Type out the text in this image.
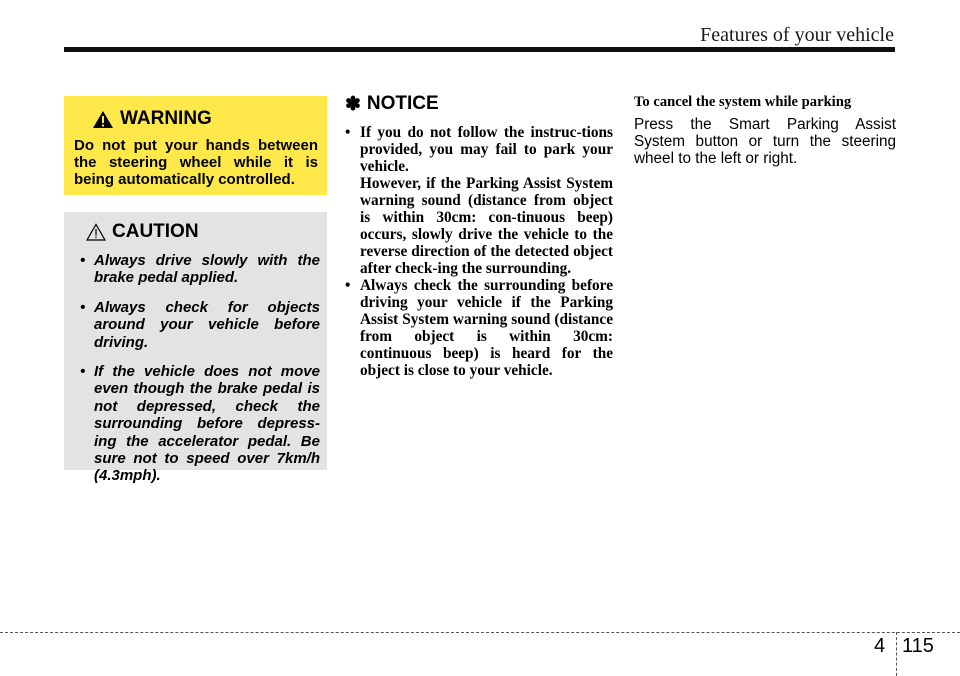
Features of your vehicle
WARNING
Do not put your hands between the steering wheel while it is being automatically controlled.
CAUTION
• Always drive slowly with the brake pedal applied.
• Always check for objects around your vehicle before driving.
• If the vehicle does not move even though the brake pedal is not depressed, check the surrounding before depress-ing the accelerator pedal. Be sure not to speed over 7km/h (4.3mph).
✽ NOTICE
• If you do not follow the instruc-tions provided, you may fail to park your vehicle.
However, if the Parking Assist System warning sound (distance from object is within 30cm: con-tinuous beep) occurs, slowly drive the vehicle to the reverse direction of the detected object after check-ing the surrounding.
• Always check the surrounding before driving your vehicle if the Parking Assist System warning sound (distance from object is within 30cm: continuous beep) is heard for the object is close to your vehicle.
To cancel the system while parking
Press the Smart Parking Assist System button or turn the steering wheel to the left or right.
4 115
